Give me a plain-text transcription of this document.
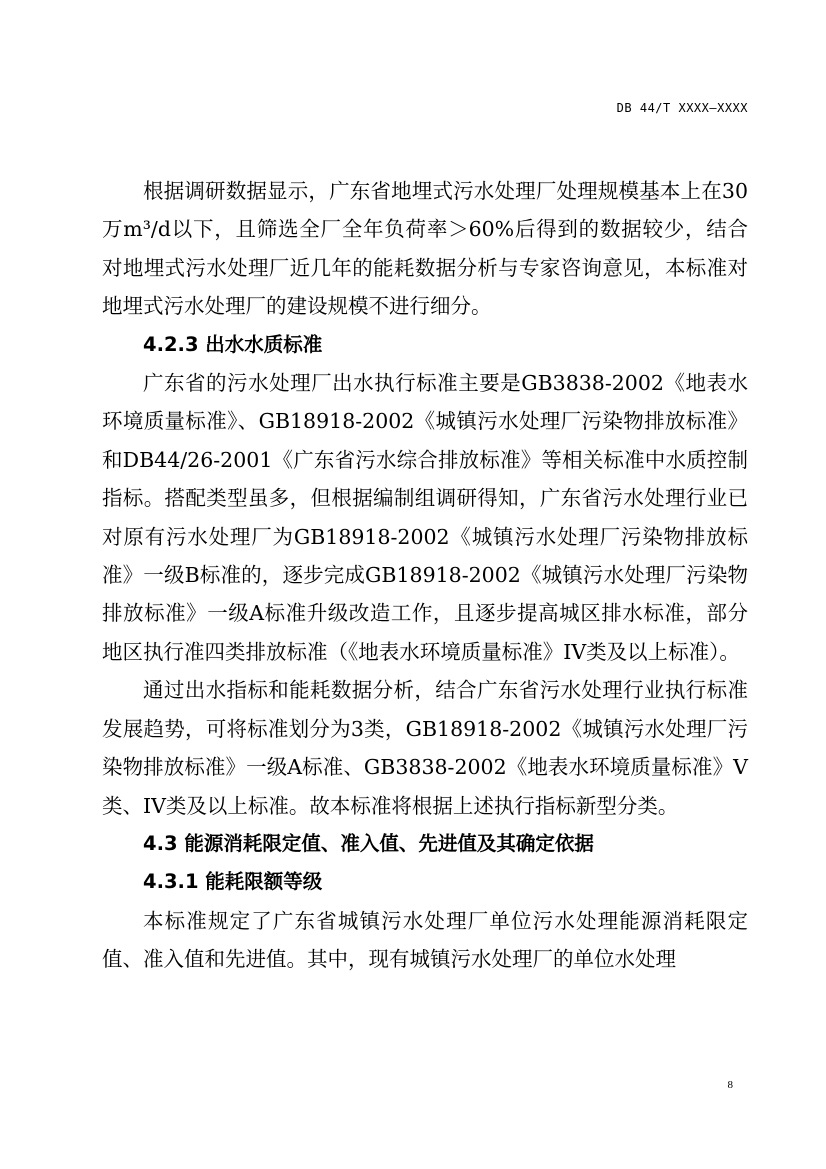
DB 44/T XXXX—XXXX

根据调研数据显示，广东省地埋式污水处理厂处理规模基本上在30万m³/d以下，且筛选全厂全年负荷率＞60%后得到的数据较少，结合对地埋式污水处理厂近几年的能耗数据分析与专家咨询意见，本标准对地埋式污水处理厂的建设规模不进行细分。

4.2.3 出水水质标准

广东省的污水处理厂出水执行标准主要是GB3838-2002《地表水环境质量标准》、GB18918-2002《城镇污水处理厂污染物排放标准》和DB44/26-2001《广东省污水综合排放标准》等相关标准中水质控制指标。搭配类型虽多，但根据编制组调研得知，广东省污水处理行业已对原有污水处理厂为GB18918-2002《城镇污水处理厂污染物排放标准》一级B标准的，逐步完成GB18918-2002《城镇污水处理厂污染物排放标准》一级A标准升级改造工作，且逐步提高城区排水标准，部分地区执行准四类排放标准（《地表水环境质量标准》IV类及以上标准）。

通过出水指标和能耗数据分析，结合广东省污水处理行业执行标准发展趋势，可将标准划分为3类，GB18918-2002《城镇污水处理厂污染物排放标准》一级A标准、GB3838-2002《地表水环境质量标准》V类、IV类及以上标准。故本标准将根据上述执行指标新型分类。

4.3 能源消耗限定值、准入值、先进值及其确定依据
4.3.1 能耗限额等级

本标准规定了广东省城镇污水处理厂单位污水处理能源消耗限定值、准入值和先进值。其中，现有城镇污水处理厂的单位水处理

8
